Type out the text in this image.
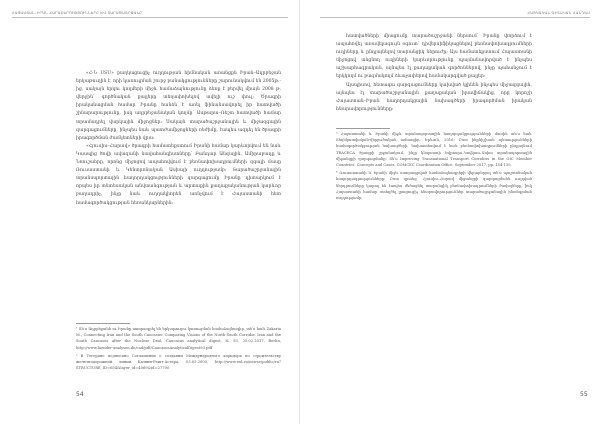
ՀԱՅԱՍՏԱՆ–ԻՐԱՆ ՀԱՐԱԲԵՐՈՒԹՅՈՒՆՆԵՐԸ ԵՎ ՏԱՐԱԾԱՇՐՋԱՆԸ

«Հ-Ն USU» բաղկացուցիչ ուղղության հիմնական առանցքն Իրան–Ադրբեջան երկաթուղին է, որի կառուցման շուրջ բանակցությունները շարունակվում են 2005թ.-ից, սակայն երկու կողմերի միջև համաձայնությունը ձեռք է բերվել միայն 2008 թ. վերջին՝ գործնական քայլերը տեղափոխելով ավելի ուշ փուլ: Ծրագրի իրականացման համար Իրանը հանձն է առել ֆինանսավորել իր հատվածի շինարարությունը, իսկ ադրբեջանական կողմը՝ Ասթարա–Ռեշտ հատվածի համար տրամադրել վարկային միջոցներ: Սակայն տարածաշրջանային և միջազգային զարգացումները, ինչպես նաև պատժամիջոցների ռեժիմը, էապես ազդել են ծրագրի իրագործման ժամկետների վրա:

«Հյուսիս–Հարավ» ծրագրի համատեքստում Իրանի համար կարևորվում են նաև Կասպից ծովի ավազանի նավահանգիստները՝ Բանդար Անզալին, Ամիրաբադը և Նոուշահրը, որոնց միջոցով ապահովվում է բեռնափոխադրումների զգալի մասը Ռուսաստանի և Կենտրոնական Ասիայի ուղղությամբ: Տարածաշրջանային տրանսպորտային հաղորդակցությունների զարգացումը Իրանը դիտարկում է որպես իր տնտեսական անվտանգության և արտաքին քաղաքականության կարևոր բաղադրիչ, ինչը նաև ուղղակիորեն առնչվում է Հայաստանի հետ համագործակցության հեռանկարներին:

¹ Տե՛ս Ադրբեջանն ու Իրանը ստորագրել են երկաթուղու կառուցման համաձայնագիր, տե՛ս նաև Zakaria M., Connecting Iran and the South Caucasus: Comparing Visions of the North-South Corridor, Iran and the South Caucasus after the Nuclear Deal, Caucasus analytical digest, N. 93, 25.02.2017, Berlin, http://www.laender-analysen.de/cad/pdf/CaucasusAnalyticalDigest93.pdf

² В Тегеране подписано Соглашение о создании Международного коридора по строительству железнодорожной линии Казвин-Решт-Астара, 03.05.2005, http://www.rzd.ru/newse/public/ru?STRUCTURE_ID=654&layer_id=4069&id=27700

54
ՀԱՅԿԱԿԱՆ ԳԻՏԱԿԱՆ ՀԱՆԴԵՍ

հատվածների միացումը տարածաշրջանի ներսում՝ Իրանը փորձում է ապահովել առավելագույն օգուտ՝ դիվերսիֆիկացնելով բեռնափոխադրումների ուղիները և ընդլայնելով տարանցիկ ներուժը: Այս համատեքստում Հայաստանի միջոցով անցնող ուղիների կարևորությունը պայմանավորված է ինչպես աշխարհագրական, այնպես էլ քաղաքական գործոններով, ինչը պահանջում է երկկողմ ու բազմակողմ ձևաչափերով համակարգված քայլեր:

Այսպիսով, հետագա զարգացումները կախված կլինեն ինչպես միջազգային, այնպես էլ տարածաշրջանային քաղաքական իրավիճակից, որը կորոշի Հայաստան–Իրան հաղորդակցային նախագծերի իրագործման իրական հնարավորությունները:

³ Հայաստանի և Իրանի միջև տրանսպորտային հաղորդակցությունների մասին տե՛ս նաև Տեղեկատվական-վերլուծական ամսագիր, Երևան, 2016: Ըստ ինքնիշխան պետությունների համագործակցության նախագծերի, նախատեսվում է նաև բեռնափոխադրումների ընդլայնում TRACECA ծրագրի շրջանակում, ինչը կնպաստի Եվրոպա–Կովկաս–Ասիա տրանսպորտային միջանցքի զարգացմանը: Տե՛ս Improving Transnational Transport Corridors in the OIC Member Countries: Concepts and Cases, COMCEC Coordination Office, September 2017, pp. 154-155.

⁴ Ռուսաստանի և Իրանի միջև ստորագրված համաձայնագրերի վերաբերյալ տե՛ս պաշտոնական հաղորդագրությունները: Ըստ դրանց՝ Հյուսիս–Հարավ միջանցքի զարգացմանն ուղղված ներդրումները կարող են էապես մեծացնել տարանցիկ բեռնափոխադրումների ծավալները, իսկ Հայաստանի համար ստեղծել լրացուցիչ հնարավորություններ տարածաշրջանային ինտեգրման ուղղությամբ:

55
